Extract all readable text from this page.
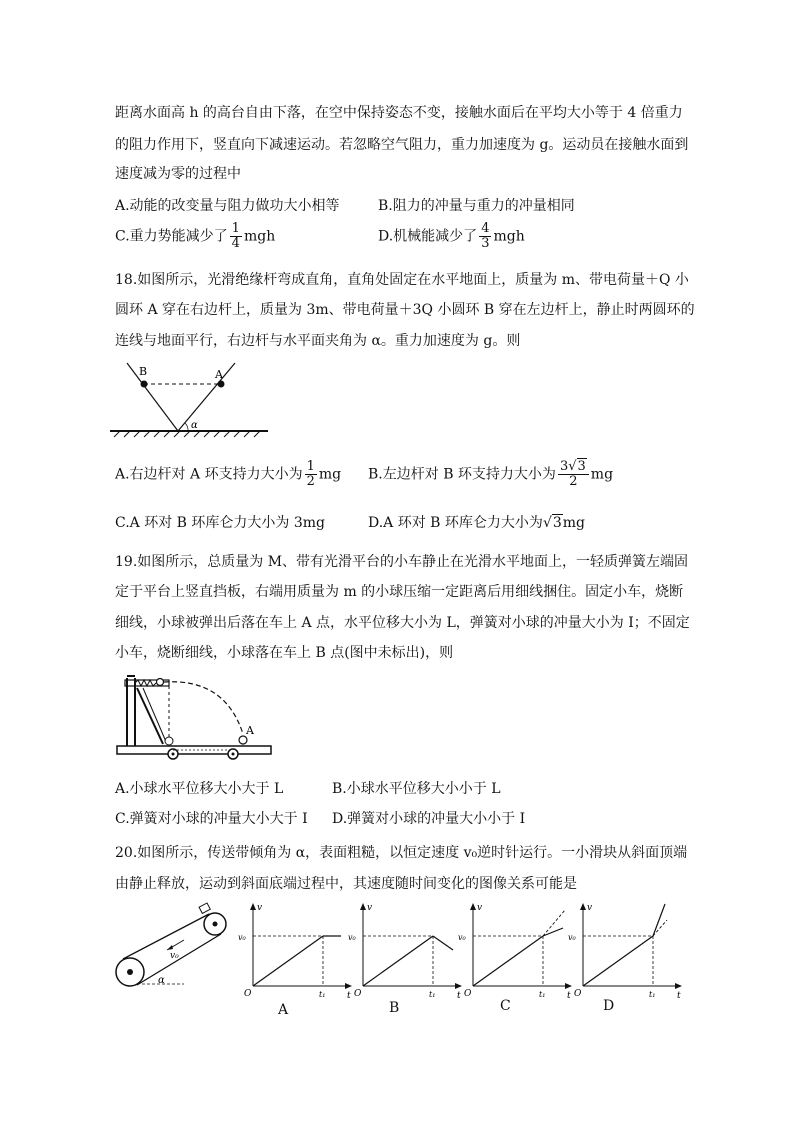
距离水面高 h 的高台自由下落，在空中保持姿态不变，接触水面后在平均大小等于 4 倍重力
的阻力作用下，竖直向下减速运动。若忽略空气阻力，重力加速度为 g。运动员在接触水面到
速度减为零的过程中
A.动能的改变量与阻力做功大小相等	B.阻力的冲量与重力的冲量相同
C.重力势能减少了 $\frac{1}{4}$ mgh	D.机械能减少了 $\frac{4}{3}$ mgh
18.如图所示，光滑绝缘杆弯成直角，直角处固定在水平地面上，质量为 m、带电荷量＋Q 小
圆环 A 穿在右边杆上，质量为 3m、带电荷量＋3Q 小圆环 B 穿在左边杆上，静止时两圆环的
连线与地面平行，右边杆与水平面夹角为 α。重力加速度为 g。则
B	A
α
A.右边杆对 A 环支持力大小为 $\frac{1}{2}$ mg B.左边杆对 B 环支持力大小为 $\frac{3√3}{2}$ mg
C.A 环对 B 环库仑力大小为 3mg	D.A 环对 B 环库仑力大小为√3mg
19.如图所示，总质量为 M、带有光滑平台的小车静止在光滑水平地面上，一轻质弹簧左端固
定于平台上竖直挡板，右端用质量为 m 的小球压缩一定距离后用细线捆住。固定小车，烧断
细线，小球被弹出后落在车上 A 点，水平位移大小为 L，弹簧对小球的冲量大小为 I；不固定
小车，烧断细线，小球落在车上 B 点(图中未标出)，则
A
A.小球水平位移大小大于 L	B.小球水平位移大小小于 L
C.弹簧对小球的冲量大小大于 I D.弹簧对小球的冲量大小小于 I
20.如图所示，传送带倾角为 α，表面粗糙，以恒定速度 v₀逆时针运行。一小滑块从斜面顶端
由静止释放，运动到斜面底端过程中，其速度随时间变化的图像关系可能是
v₀
α
v
t
O
v₀
t₁
v
t
O
v₀
t₁
v
t
O
v₀
t₁
v
t
O
v₀
t₁
A	B	C	D
